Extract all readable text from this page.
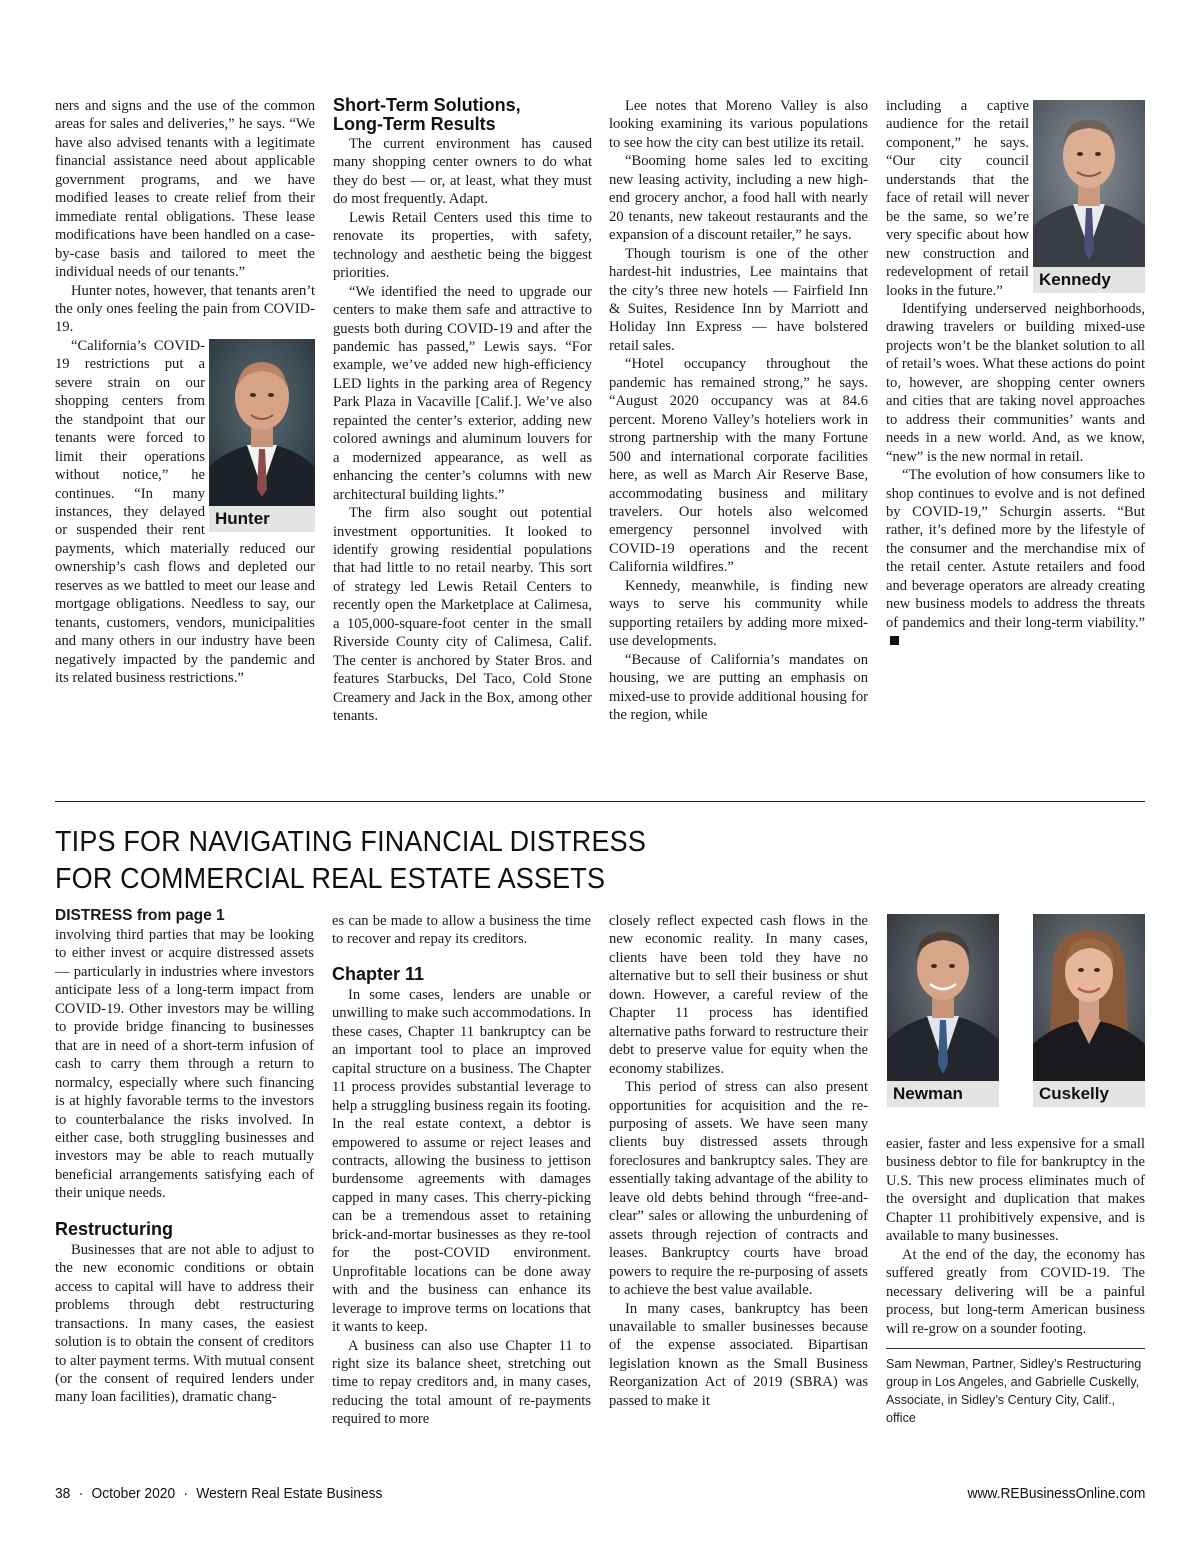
ners and signs and the use of the common areas for sales and deliveries,” he says. “We have also advised tenants with a legitimate financial assistance need about applicable government programs, and we have modified leases to create relief from their immediate rental obligations. These lease modifications have been handled on a case-by-case basis and tailored to meet the individual needs of our tenants.”

Hunter notes, however, that tenants aren’t the only ones feeling the pain from COVID-19.

Hunter

“California’s COVID-19 restrictions put a severe strain on our shopping centers from the standpoint that our tenants were forced to limit their operations without notice,” he continues. “In many instances, they delayed or suspended their rent payments, which materially reduced our ownership’s cash flows and depleted our reserves as we battled to meet our lease and mortgage obligations. Needless to say, our tenants, customers, vendors, municipalities and many others in our industry have been negatively impacted by the pandemic and its related business restrictions.”

Short-Term Solutions,
Long-Term Results

The current environment has caused many shopping center owners to do what they do best — or, at least, what they must do most frequently. Adapt.

Lewis Retail Centers used this time to renovate its properties, with safety, technology and aesthetic being the biggest priorities.

“We identified the need to upgrade our centers to make them safe and attractive to guests both during COVID-19 and after the pandemic has passed,” Lewis says. “For example, we’ve added new high-efficiency LED lights in the parking area of Regency Park Plaza in Vacaville [Calif.]. We’ve also repainted the center’s exterior, adding new colored awnings and aluminum louvers for a modernized appearance, as well as enhancing the center’s columns with new architectural building lights.”

The firm also sought out potential investment opportunities. It looked to identify growing residential populations that had little to no retail nearby. This sort of strategy led Lewis Retail Centers to recently open the Marketplace at Calimesa, a 105,000-square-foot center in the small Riverside County city of Calimesa, Calif. The center is anchored by Stater Bros. and features Starbucks, Del Taco, Cold Stone Creamery and Jack in the Box, among other tenants.

Lee notes that Moreno Valley is also looking examining its various populations to see how the city can best utilize its retail.

“Booming home sales led to exciting new leasing activity, including a new high-end grocery anchor, a food hall with nearly 20 tenants, new takeout restaurants and the expansion of a discount retailer,” he says.

Though tourism is one of the other hardest-hit industries, Lee maintains that the city’s three new hotels — Fairfield Inn & Suites, Residence Inn by Marriott and Holiday Inn Express — have bolstered retail sales.

“Hotel occupancy throughout the pandemic has remained strong,” he says. “August 2020 occupancy was at 84.6 percent. Moreno Valley’s hoteliers work in strong partnership with the many Fortune 500 and international corporate facilities here, as well as March Air Reserve Base, accommodating business and military travelers. Our hotels also welcomed emergency personnel involved with COVID-19 operations and the recent California wildfires.”

Kennedy, meanwhile, is finding new ways to serve his community while supporting retailers by adding more mixed-use developments.

“Because of California’s mandates on housing, we are putting an emphasis on mixed-use to provide additional housing for the region, while

Kennedy

including a captive audience for the retail component,” he says. “Our city council understands that the face of retail will never be the same, so we’re very specific about how new construction and redevelopment of retail looks in the future.”

Identifying underserved neighborhoods, drawing travelers or building mixed-use projects won’t be the blanket solution to all of retail’s woes. What these actions do point to, however, are shopping center owners and cities that are taking novel approaches to address their communities’ wants and needs in a new world. And, as we know, “new” is the new normal in retail.

“The evolution of how consumers like to shop continues to evolve and is not defined by COVID-19,” Schurgin asserts. “But rather, it’s defined more by the lifestyle of the consumer and the merchandise mix of the retail center. Astute retailers and food and beverage operators are already creating new business models to address the threats of pandemics and their long-term viability.”

TIPS FOR NAVIGATING FINANCIAL DISTRESS
FOR COMMERCIAL REAL ESTATE ASSETS
DISTRESS from page 1

involving third parties that may be looking to either invest or acquire distressed assets — particularly in industries where investors anticipate less of a long-term impact from COVID-19. Other investors may be willing to provide bridge financing to businesses that are in need of a short-term infusion of cash to carry them through a return to normalcy, especially where such financing is at highly favorable terms to the investors to counterbalance the risks involved. In either case, both struggling businesses and investors may be able to reach mutually beneficial arrangements satisfying each of their unique needs.

Restructuring

Businesses that are not able to adjust to the new economic conditions or obtain access to capital will have to address their problems through debt restructuring transactions. In many cases, the easiest solution is to obtain the consent of creditors to alter payment terms. With mutual consent (or the consent of required lenders under many loan facilities), dramatic chang-

es can be made to allow a business the time to recover and repay its creditors.

Chapter 11

In some cases, lenders are unable or unwilling to make such accommodations. In these cases, Chapter 11 bankruptcy can be an important tool to place an improved capital structure on a business. The Chapter 11 process provides substantial leverage to help a struggling business regain its footing. In the real estate context, a debtor is empowered to assume or reject leases and contracts, allowing the business to jettison burdensome agreements with damages capped in many cases. This cherry-picking can be a tremendous asset to retaining brick-and-mortar businesses as they re-tool for the post-COVID environment. Unprofitable locations can be done away with and the business can enhance its leverage to improve terms on locations that it wants to keep.

A business can also use Chapter 11 to right size its balance sheet, stretching out time to repay creditors and, in many cases, reducing the total amount of re-payments required to more

closely reflect expected cash flows in the new economic reality. In many cases, clients have been told they have no alternative but to sell their business or shut down. However, a careful review of the Chapter 11 process has identified alternative paths forward to restructure their debt to preserve value for equity when the economy stabilizes.

This period of stress can also present opportunities for acquisition and the re-purposing of assets. We have seen many clients buy distressed assets through foreclosures and bankruptcy sales. They are essentially taking advantage of the ability to leave old debts behind through “free-and-clear” sales or allowing the unburdening of assets through rejection of contracts and leases. Bankruptcy courts have broad powers to require the re-purposing of assets to achieve the best value available.

In many cases, bankruptcy has been unavailable to smaller businesses because of the expense associated. Bipartisan legislation known as the Small Business Reorganization Act of 2019 (SBRA) was passed to make it

Newman	Cuskelly

easier, faster and less expensive for a small business debtor to file for bankruptcy in the U.S. This new process eliminates much of the oversight and duplication that makes Chapter 11 prohibitively expensive, and is available to many businesses.

At the end of the day, the economy has suffered greatly from COVID-19. The necessary delivering will be a painful process, but long-term American business will re-grow on a sounder footing.

Sam Newman, Partner, Sidley’s Restructuring group in Los Angeles, and Gabrielle Cuskelly, Associate, in Sidley’s Century City, Calif., office
38 · October 2020 · Western Real Estate Business	www.REBusinessOnline.com
